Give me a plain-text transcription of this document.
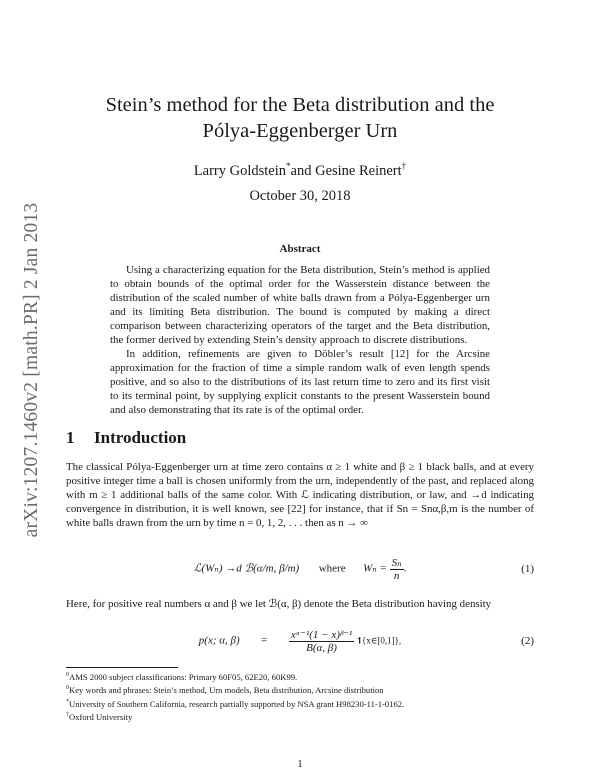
arXiv:1207.1460v2 [math.PR] 2 Jan 2013
Stein’s method for the Beta distribution and the
Pólya-Eggenberger Urn
Larry Goldstein*and Gesine Reinert†
October 30, 2018
Abstract

Using a characterizing equation for the Beta distribution, Stein’s method is applied to obtain bounds of the optimal order for the Wasserstein distance between the distribution of the scaled number of white balls drawn from a Pólya-Eggenberger urn and its limiting Beta distribution. The bound is computed by making a direct comparison between characterizing operators of the target and the Beta distribution, the former derived by extending Stein’s density approach to discrete distributions.

In addition, refinements are given to Döbler’s result [12] for the Arcsine approximation for the fraction of time a simple random walk of even length spends positive, and so also to the distributions of its last return time to zero and its first visit to its terminal point, by supplying explicit constants to the present Wasserstein bound and also demonstrating that its rate is of the optimal order.

1 Introduction

The classical Pólya-Eggenberger urn at time zero contains α ≥ 1 white and β ≥ 1 black balls, and at every positive integer time a ball is chosen uniformly from the urn, independently of the past, and replaced along with m ≥ 1 additional balls of the same color. With ℒ indicating distribution, or law, and →d indicating convergence in distribution, it is well known, see [22] for instance, that if Sn = Snα,β,m is the number of white balls drawn from the urn by time n = 0, 1, 2, . . . then as n → ∞

ℒ(Wₙ) →d ℬ(α/m, β/m) where $W_n = \frac{\text{Sₙ}}{n}$ .	(1)

Here, for positive real numbers α and β we let ℬ(α, β) denote the Beta distribution having density

p(x; α, $\beta) = \frac{\text{xᵅ⁻¹(1 − x)ᵝ⁻¹}}{B(\alpha, \beta)}$ 𝟏{x∈[0,1]},	(2)
$^0$AMS 2000 subject classifications: Primary 60F05, 62E20, 60K99.
$^0$Key words and phrases: Stein’s method, Urn models, Beta distribution, Arcsine distribution
*University of Southern California, research partially supported by NSA grant H98230-11-1-0162.
†Oxford University
1
